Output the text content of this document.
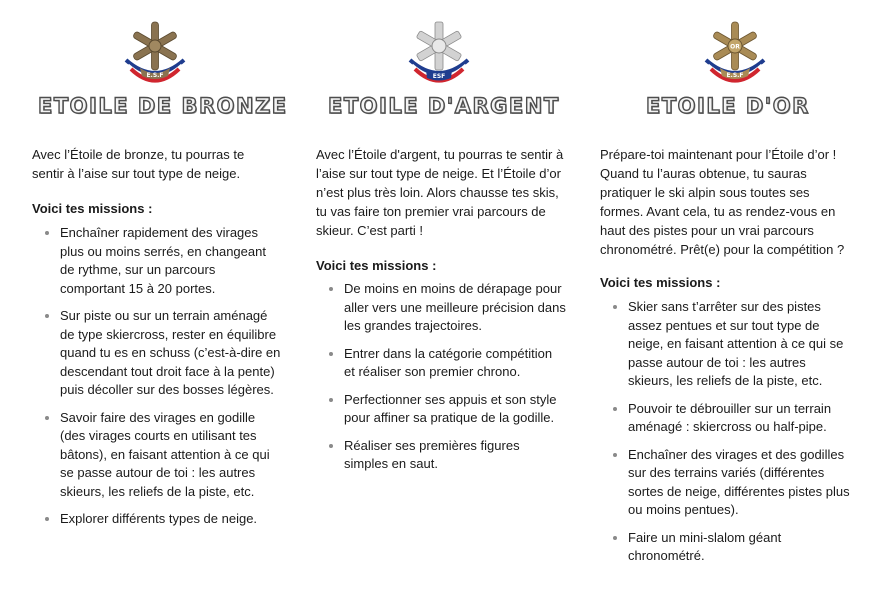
E.S.F
ETOILE DE BRONZE

Avec l’Étoile de bronze, tu pourras te sentir à l’aise sur tout type de neige.

Voici tes missions :

Enchaîner rapidement des virages plus ou moins serrés, en changeant de rythme, sur un parcours comportant 15 à 20 portes.
Sur piste ou sur un terrain aménagé de type skiercross, rester en équilibre quand tu es en schuss (c’est-à-dire en descendant tout droit face à la pente) puis décoller sur des bosses légères.
Savoir faire des virages en godille (des virages courts en utilisant tes bâtons), en faisant attention à ce qui se passe autour de toi : les autres skieurs, les reliefs de la piste, etc.
Explorer différents types de neige.
ESF
ETOILE D'ARGENT

Avec l’Étoile d'argent, tu pourras te sentir à l’aise sur tout type de neige. Et l’Étoile d’or n’est plus très loin. Alors chausse tes skis, tu vas faire ton premier vrai parcours de skieur. C’est parti !

Voici tes missions :

De moins en moins de dérapage pour aller vers une meilleure précision dans les grandes trajectoires.
Entrer dans la catégorie compétition et réaliser son premier chrono.
Perfectionner ses appuis et son style pour affiner sa pratique de la godille.
Réaliser ses premières figures simples en saut.
OR
E.S.F
ETOILE D'OR

Prépare-toi maintenant pour l’Étoile d’or ! Quand tu l’auras obtenue, tu sauras pratiquer le ski alpin sous toutes ses formes. Avant cela, tu as rendez-vous en haut des pistes pour un vrai parcours chronométré. Prêt(e) pour la compétition ?

Voici tes missions :

Skier sans t’arrêter sur des pistes assez pentues et sur tout type de neige, en faisant attention à ce qui se passe autour de toi : les autres skieurs, les reliefs de la piste, etc.
Pouvoir te débrouiller sur un terrain aménagé : skiercross ou half-pipe.
Enchaîner des virages et des godilles sur des terrains variés (différentes sortes de neige, différentes pistes plus ou moins pentues).
Faire un mini-slalom géant chronométré.
